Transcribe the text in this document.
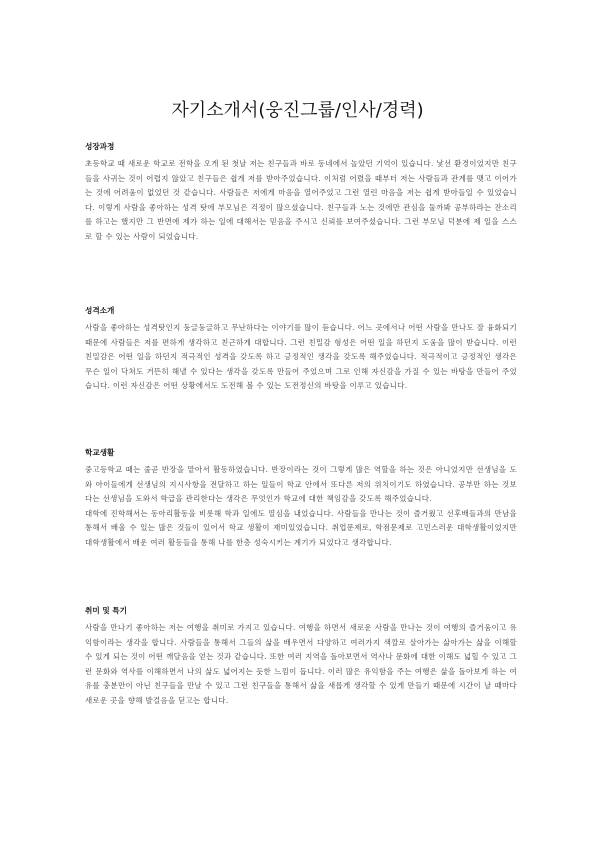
자기소개서(웅진그룹/인사/경력)
성장과정

초등학교 때 새로운 학교로 전학을 오게 된 첫날 저는 친구들과 바로 동네에서 놀았던 기억이 있습니다. 낯선 환경이었지만 친구들을 사귀는 것이 어렵지 않았고 친구들은 쉽게 저를 받아주었습니다. 이처럼 어렸을 때부터 저는 사람들과 관계를 맺고 이어가는 것에 어려움이 없었던 것 같습니다. 사람들은 저에게 마음을 열어주었고 그런 열린 마음을 저는 쉽게 받아들일 수 있었습니다. 이렇게 사람을 좋아하는 성격 탓에 부모님은 걱정이 많으셨습니다. 친구들과 노는 것에만 관심을 둘까봐 공부하라는 잔소리를 하고는 했지만 그 반면에 제가 하는 일에 대해서는 믿음을 주시고 신뢰를 보여주셨습니다. 그런 부모님 덕분에 제 일을 스스로 할 수 있는 사람이 되었습니다.

성격소개

사람을 좋아하는 성격탓인지 둥글둥글하고 무난하다는 이야기를 많이 듣습니다. 어느 곳에서나 어떤 사람을 만나도 잘 융화되기 때문에 사람들은 저를 편하게 생각하고 친근하게 대합니다. 그런 친밀감 형성은 어떤 일을 하던지 도움을 많이 받습니다. 이런 친밀감은 어떤 일을 하던지 적극적인 성격을 갖도록 하고 긍정적인 생각을 갖도록 해주었습니다. 적극적이고 긍정적인 생각은 무슨 일이 닥쳐도 거뜬히 해낼 수 있다는 생각을 갖도록 만들어 주었으며 그로 인해 자신감을 가질 수 있는 바탕을 만들어 주었습니다. 이런 자신감은 어떤 상황에서도 도전해 볼 수 있는 도전정신의 바탕을 이루고 있습니다.

학교생활

중고등학교 때는 줄곧 반장을 맡아서 활동하였습니다. 반장이라는 것이 그렇게 많은 역할을 하는 것은 아니었지만 선생님을 도와 아이들에게 선생님의 지시사항을 전달하고 하는 일들이 학교 안에서 또다른 저의 위치이기도 하였습니다. 공부만 하는 것보다는 선생님을 도와서 학급을 관리한다는 생각은 무엇인가 학교에 대한 책임감을 갖도록 해주었습니다.

대학에 진학해서는 동아리활동을 비롯해 학과 일에도 열심을 내었습니다. 사람들을 만나는 것이 즐거웠고 선후배들과의 만남을 통해서 배울 수 있는 많은 것들이 있어서 학교 생활이 재미있었습니다. 취업문제로, 학점문제로 고민스러운 대학생활이었지만 대학생활에서 배운 여러 활동들을 통해 나를 한층 성숙시키는 계기가 되었다고 생각합니다.

취미 및 특기

사람을 만나기 좋아하는 저는 여행을 취미로 가지고 있습니다. 여행을 하면서 새로운 사람을 만나는 것이 여행의 즐거움이고 유익함이라는 생각을 합니다. 사람들을 통해서 그들의 삶을 배우면서 다양하고 여러가지 색깔로 살아가는 삶아가는 삶을 이해할 수 있게 되는 것이 어떤 깨달음을 얻는 것과 같습니다. 또한 여러 지역을 돌아보면서 역사나 문화에 대한 이해도 넓힐 수 있고 그런 문화와 역사를 이해하면서 나의 삶도 넓어지는 듯한 느낌이 듭니다. 이러 많은 유익함을 주는 여행은 삶을 돌아보게 하는 여유를 충분만이 아닌 친구들을 만날 수 있고 그런 친구들을 통해서 삶을 새롭게 생각할 수 있게 만들기 때문에 시간이 날 때마다 새로운 곳을 향해 발걸음을 딛고는 합니다.
